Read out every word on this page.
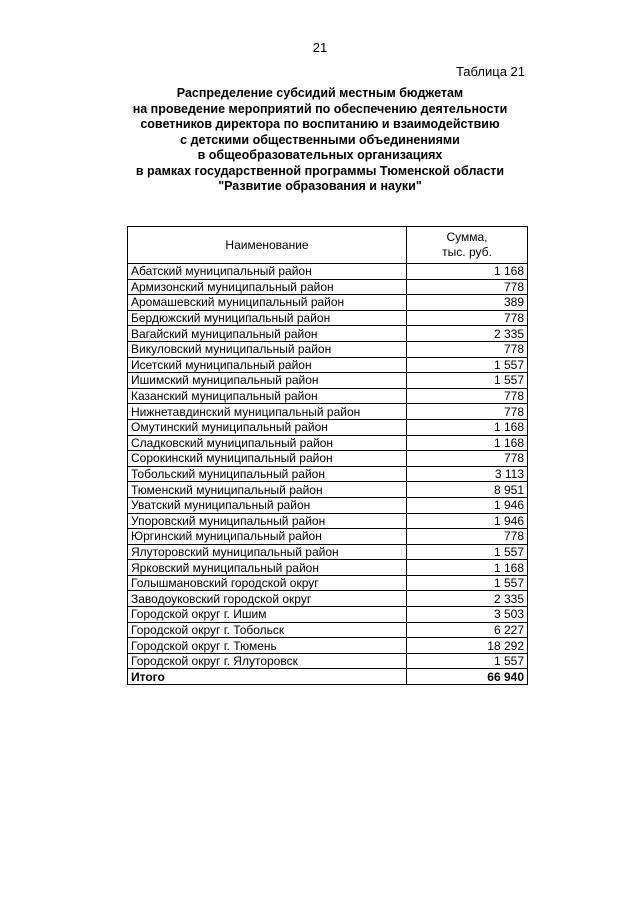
21
Таблица 21
Распределение субсидий местным бюджетам
на проведение мероприятий по обеспечению деятельности
советников директора по воспитанию и взаимодействию
с детскими общественными объединениями
в общеобразовательных организациях
в рамках государственной программы Тюменской области
"Развитие образования и науки"
Наименование	Сумма,
тыс. руб.
Абатский муниципальный район	1 168
Армизонский муниципальный район	778
Аромашевский муниципальный район	389
Бердюжский муниципальный район	778
Вагайский муниципальный район	2 335
Викуловский муниципальный район	778
Исетский муниципальный район	1 557
Ишимский муниципальный район	1 557
Казанский муниципальный район	778
Нижнетавдинский муниципальный район	778
Омутинский муниципальный район	1 168
Сладковский муниципальный район	1 168
Сорокинский муниципальный район	778
Тобольский муниципальный район	3 113
Тюменский муниципальный район	8 951
Уватский муниципальный район	1 946
Упоровский муниципальный район	1 946
Юргинский муниципальный район	778
Ялуторовский муниципальный район	1 557
Ярковский муниципальный район	1 168
Голышмановский городской округ	1 557
Заводоуковский городской округ	2 335
Городской округ г. Ишим	3 503
Городской округ г. Тобольск	6 227
Городской округ г. Тюмень	18 292
Городской округ г. Ялуторовск	1 557
Итого	66 940
